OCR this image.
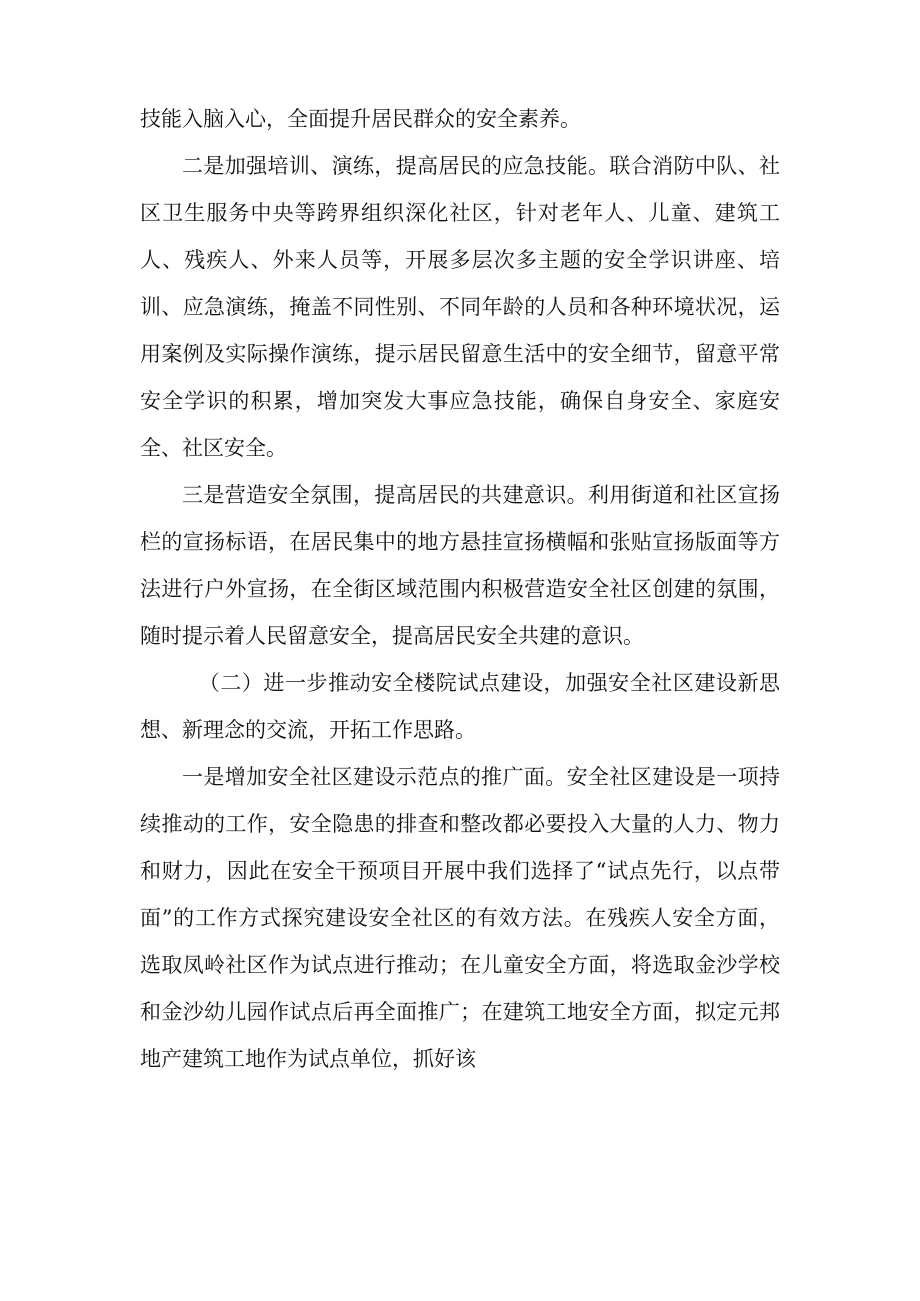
技能入脑入心，全面提升居民群众的安全素养。

二是加强培训、演练，提高居民的应急技能。联合消防中队、社区卫生服务中央等跨界组织深化社区，针对老年人、儿童、建筑工人、残疾人、外来人员等，开展多层次多主题的安全学识讲座、培训、应急演练，掩盖不同性别、不同年龄的人员和各种环境状况，运用案例及实际操作演练，提示居民留意生活中的安全细节，留意平常安全学识的积累，增加突发大事应急技能，确保自身安全、家庭安全、社区安全。

三是营造安全氛围，提高居民的共建意识。利用街道和社区宣扬栏的宣扬标语，在居民集中的地方悬挂宣扬横幅和张贴宣扬版面等方法进行户外宣扬，在全街区域范围内积极营造安全社区创建的氛围，随时提示着人民留意安全，提高居民安全共建的意识。

（二）进一步推动安全楼院试点建设，加强安全社区建设新思想、新理念的交流，开拓工作思路。

一是增加安全社区建设示范点的推广面。安全社区建设是一项持续推动的工作，安全隐患的排查和整改都必要投入大量的人力、物力和财力，因此在安全干预项目开展中我们选择了“试点先行，以点带面”的工作方式探究建设安全社区的有效方法。在残疾人安全方面，选取凤岭社区作为试点进行推动；在儿童安全方面，将选取金沙学校和金沙幼儿园作试点后再全面推广；在建筑工地安全方面，拟定元邦地产建筑工地作为试点单位，抓好该
